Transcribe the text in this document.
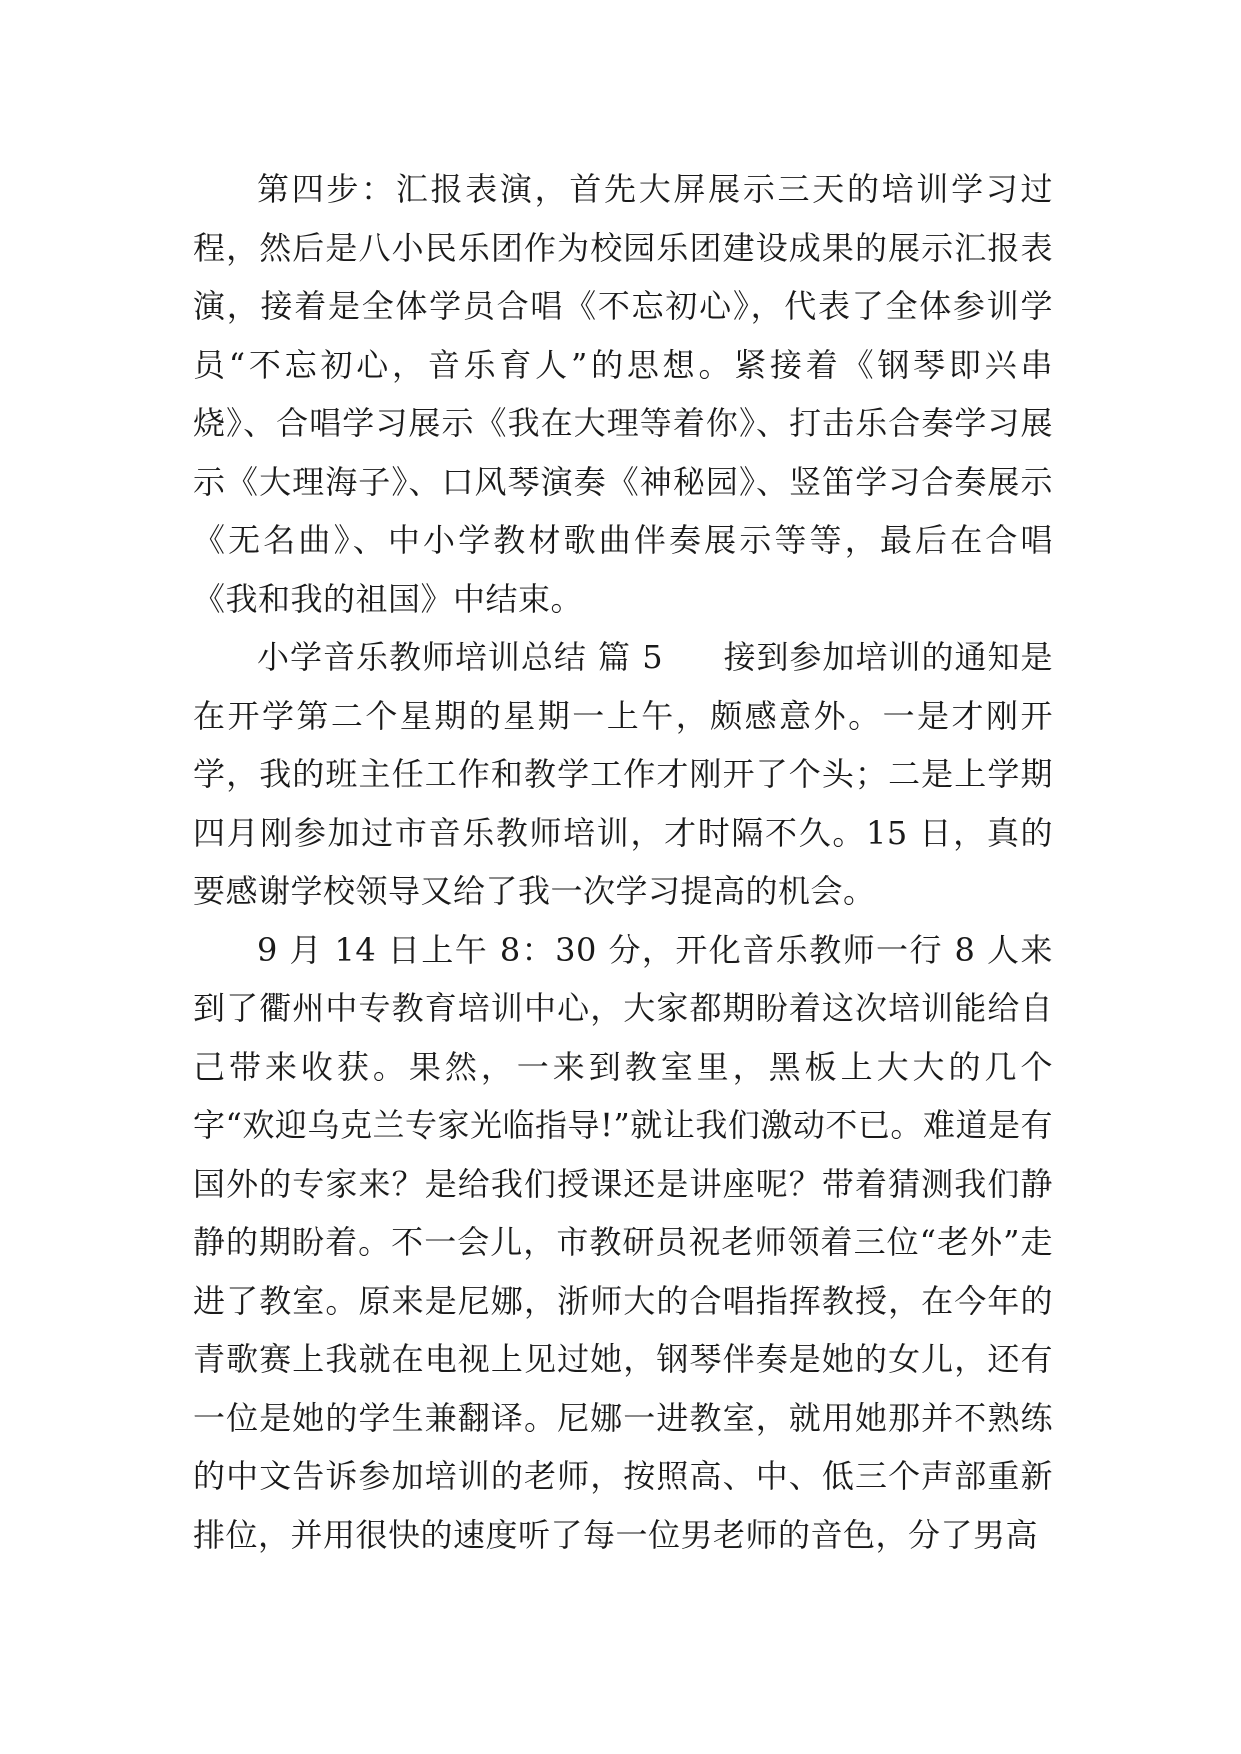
第四步：汇报表演，首先大屏展示三天的培训学习过程，然后是八小民乐团作为校园乐团建设成果的展示汇报表演，接着是全体学员合唱《不忘初心》，代表了全体参训学员“不忘初心，音乐育人”的思想。紧接着《钢琴即兴串烧》、合唱学习展示《我在大理等着你》、打击乐合奏学习展示《大理海子》、口风琴演奏《神秘园》、竖笛学习合奏展示《无名曲》、中小学教材歌曲伴奏展示等等，最后在合唱《我和我的祖国》中结束。

小学音乐教师培训总结 篇 5 接到参加培训的通知是在开学第二个星期的星期一上午，颇感意外。一是才刚开学，我的班主任工作和教学工作才刚开了个头；二是上学期四月刚参加过市音乐教师培训，才时隔不久。15 日，真的要感谢学校领导又给了我一次学习提高的机会。

9 月 14 日上午 8：30 分，开化音乐教师一行 8 人来到了衢州中专教育培训中心，大家都期盼着这次培训能给自己带来收获。果然，一来到教室里，黑板上大大的几个字“欢迎乌克兰专家光临指导!”就让我们激动不已。难道是有国外的专家来？是给我们授课还是讲座呢？带着猜测我们静静的期盼着。不一会儿，市教研员祝老师领着三位“老外”走进了教室。原来是尼娜，浙师大的合唱指挥教授，在今年的青歌赛上我就在电视上见过她，钢琴伴奏是她的女儿，还有一位是她的学生兼翻译。尼娜一进教室，就用她那并不熟练的中文告诉参加培训的老师，按照高、中、低三个声部重新排位，并用很快的速度听了每一位男老师的音色，分了男高
